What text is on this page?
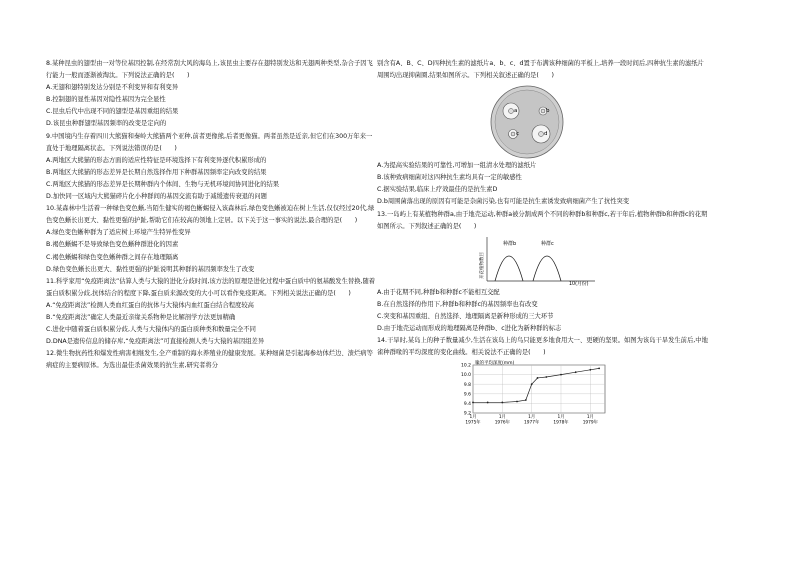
8.某种昆虫的翅型由一对等位基因控制,在经常刮大风的海岛上,该昆虫主要存在翅特别发达和无翅两种类型,杂合子因飞行能力一般而逐渐被淘汰。下列说法正确的是(　　)

A.无翅和翅特别发达分别是不利变异和有利变异

B.控制翅的显性基因对隐性基因为完全显性

C.昆虫后代中出现不同的翅型是基因重组的结果

D.该昆虫种群翅型基因频率的改变是定向的

9.中国境内生存着四川大熊猫和秦岭大熊猫两个亚种,前者更像熊,后者更像猫。两者虽然是近亲,但它们在300万年来一直处于地理隔离状态。下列说法错误的是(　　)

A.两地区大熊猫的形态方面的适应性特征是环境选择下有利变异逐代积累形成的

B.两地区大熊猫的形态差异是长期自然选择作用下种群基因频率定向改变的结果

C.两地区大熊猫的形态差异是长期种群内个体间、生物与无机环境间协同进化的结果

D.加快同一区域内大熊猫碎片化小种群间的基因交流有助于减缓遗传衰退的问题

10.某森林中生活着一种绿色变色蜥,当陌生健实的褐色蜥蜴侵入该森林后,绿色变色蜥被迫在树上生活,仅仅经过20代,绿色变色蜥长出更大、黏性更强的护趾,帮助它们在较高的领地上定居。以下关于这一事实的说法,最合理的是(　　)

A.绿色变色蜥种群为了适应树上环境产生特异性变异

B.褐色蜥蜴不是导致绿色变色蜥种群进化的因素

C.褐色蜥蜴和绿色变色蜥种群之间存在地理隔离

D.绿色变色蜥长出更大、黏性更强的护趾说明其种群的基因频率发生了改变

11.科学家用“免疫距离法”估算人类与大猿的进化分歧时间,该方法的原理是进化过程中蛋白质中的氨基酸发生替换,随着蛋白质积累分歧,抗体结合的程度下降,蛋白质来源改变的大小可以看作免疫距离。下列相关说法正确的是(　　)

A.“免疫距离法”检测人类血红蛋白的抗体与大猿体内血红蛋白结合程度较高

B.“免疫距离法”确定人类最近亲缘关系物种是比解剖学方法更加精确

C.进化中随着蛋白质积累分歧,人类与大猿体内的蛋白质种类和数量完全不同

D.DNA是遗传信息的储存库,“免疫距离法”可直接检测人类与大猿的基因组差异

12.微生物抗药性和爆发性病害相继发生,全产重制的海水养殖业的健康发展。某种细菌是引起海参幼体烂边、溃烂病等病症的主要病原体。为选出最佳杀菌效果的抗生素,研究者将分

别含有A、B、C、D四种抗生素的滤纸片a、b、c、d置于布满该种细菌的平板上,培养一段时间后,四种抗生素的滤纸片周围均出现抑菌圈,结果如图所示。下列相关叙述正确的是(　　)

a	b
c	d

A.为提高实验结果的可靠性,可增加一组清水处理的滤纸片

B.该种致病细菌对这四种抗生素均具有一定的敏感性

C.据实验结果,临床上疗效最佳的是抗生素D

D.b周围菌落出现的原因有可能是杂菌污染,也有可能是抗生素诱发致病细菌产生了抗性突变

13.一岛屿上有某植物种群a,由于地壳运动,种群a被分割成两个不同的种群b和种群c,若干年后,植物种群b和种群c的花期如图所示。下列叙述正确的是(　　)

开花植物数目
种群b	种群c
10(月份)

A.由于花期不同,种群b和种群c不能相互交配

B.在自然选择的作用下,种群b和种群c的基因频率也有改变

C.突变和基因重组、自然选择、地理隔离是新种形成的三大环节

D.由于地壳运动而形成的地理隔离是种群b、c进化为新种群的标志

14.干旱时,某岛上的种子数量减少,生活在该岛上的鸟只能更多地食用大一、更硬的坚果。如图为该岛干旱发生前后,中地雀种群喙的平均深度的变化曲线。相关说法不正确的是(　　)

10.2
10.0
9.8
9.6
9.4
9.2
喙的平均深度(mm)
1月
1975年
1月
1976年
1月
1977年
1月
1978年
1月
1979年
